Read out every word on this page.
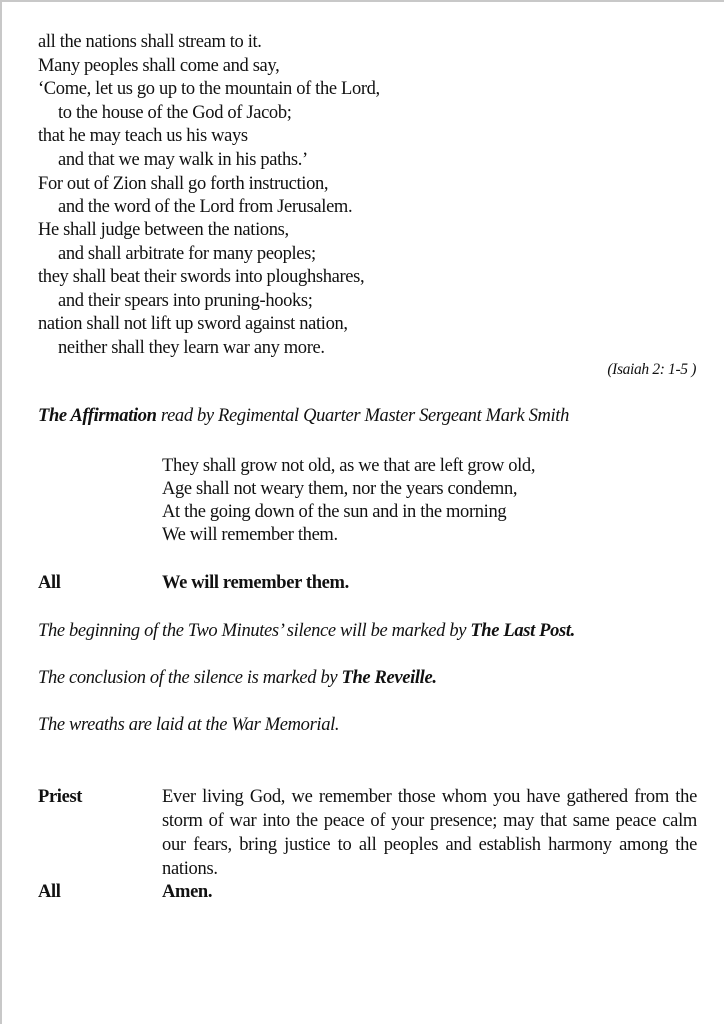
all the nations shall stream to it.
Many peoples shall come and say,
‘Come, let us go up to the mountain of the Lord,
to the house of the God of Jacob;
that he may teach us his ways
and that we may walk in his paths.’
For out of Zion shall go forth instruction,
and the word of the Lord from Jerusalem.
He shall judge between the nations,
and shall arbitrate for many peoples;
they shall beat their swords into ploughshares,
and their spears into pruning-hooks;
nation shall not lift up sword against nation,
neither shall they learn war any more.
(Isaiah 2: 1-5 )
The Affirmation read by Regimental Quarter Master Sergeant Mark Smith
They shall grow not old, as we that are left grow old,
Age shall not weary them, nor the years condemn,
At the going down of the sun and in the morning
We will remember them.
All	We will remember them.
The beginning of the Two Minutes’ silence will be marked by The Last Post.
The conclusion of the silence is marked by The Reveille.
The wreaths are laid at the War Memorial.
Priest	Ever living God, we remember those whom you have gathered from the storm of war into the peace of your presence; may that same peace calm our fears, bring justice to all peoples and establish harmony among the nations.
All	Amen.
